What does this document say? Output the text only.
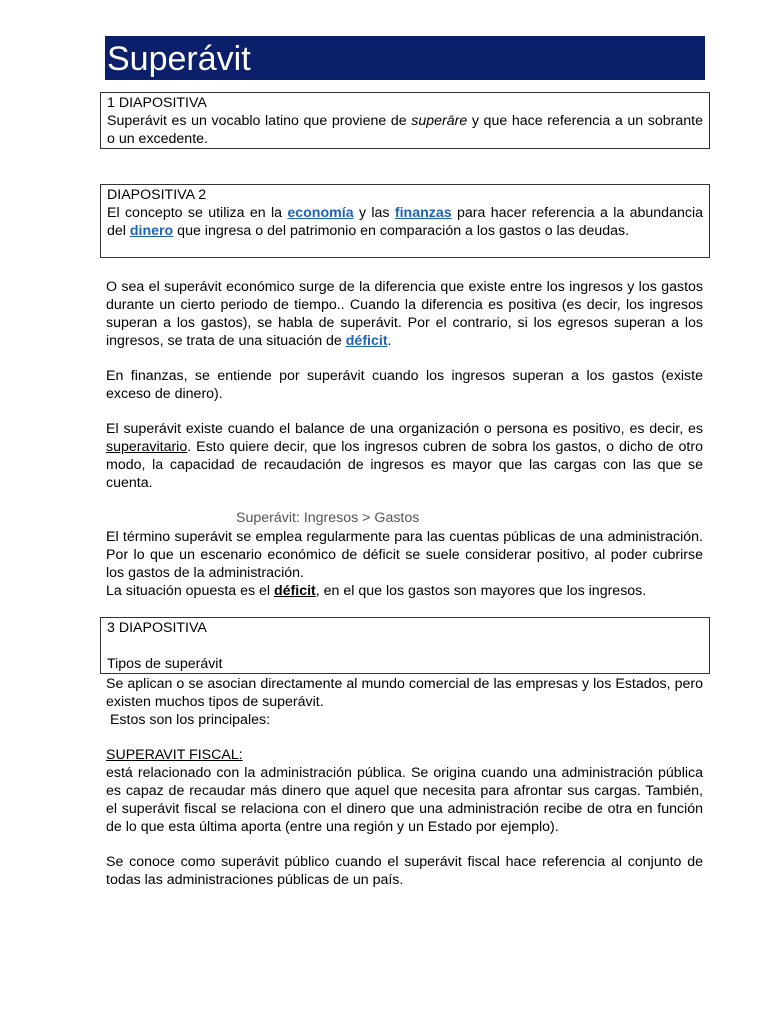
Superávit

1 DIAPOSITIVA

Superávit es un vocablo latino que proviene de superāre y que hace referencia a un sobrante o un excedente.

DIAPOSITIVA 2

El concepto se utiliza en la economía y las finanzas para hacer referencia a la abundancia del dinero que ingresa o del patrimonio en comparación a los gastos o las deudas.

O sea el superávit económico surge de la diferencia que existe entre los ingresos y los gastos durante un cierto periodo de tiempo.. Cuando la diferencia es positiva (es decir, los ingresos superan a los gastos), se habla de superávit. Por el contrario, si los egresos superan a los ingresos, se trata de una situación de déficit.

En finanzas, se entiende por superávit cuando los ingresos superan a los gastos (existe exceso de dinero).

El superávit existe cuando el balance de una organización o persona es positivo, es decir, es superavitario. Esto quiere decir, que los ingresos cubren de sobra los gastos, o dicho de otro modo, la capacidad de recaudación de ingresos es mayor que las cargas con las que se cuenta.

Superávit: Ingresos > Gastos

El término superávit se emplea regularmente para las cuentas públicas de una administración. Por lo que un escenario económico de déficit se suele considerar positivo, al poder cubrirse los gastos de la administración.

La situación opuesta es el déficit, en el que los gastos son mayores que los ingresos.

3 DIAPOSITIVA

Tipos de superávit

Se aplican o se asocian directamente al mundo comercial de las empresas y los Estados, pero existen muchos tipos de superávit.

Estos son los principales:

SUPERAVIT FISCAL:

está relacionado con la administración pública. Se origina cuando una administración pública es capaz de recaudar más dinero que aquel que necesita para afrontar sus cargas. También, el superávit fiscal se relaciona con el dinero que una administración recibe de otra en función de lo que esta última aporta (entre una región y un Estado por ejemplo).

Se conoce como superávit público cuando el superávit fiscal hace referencia al conjunto de todas las administraciones públicas de un país.
